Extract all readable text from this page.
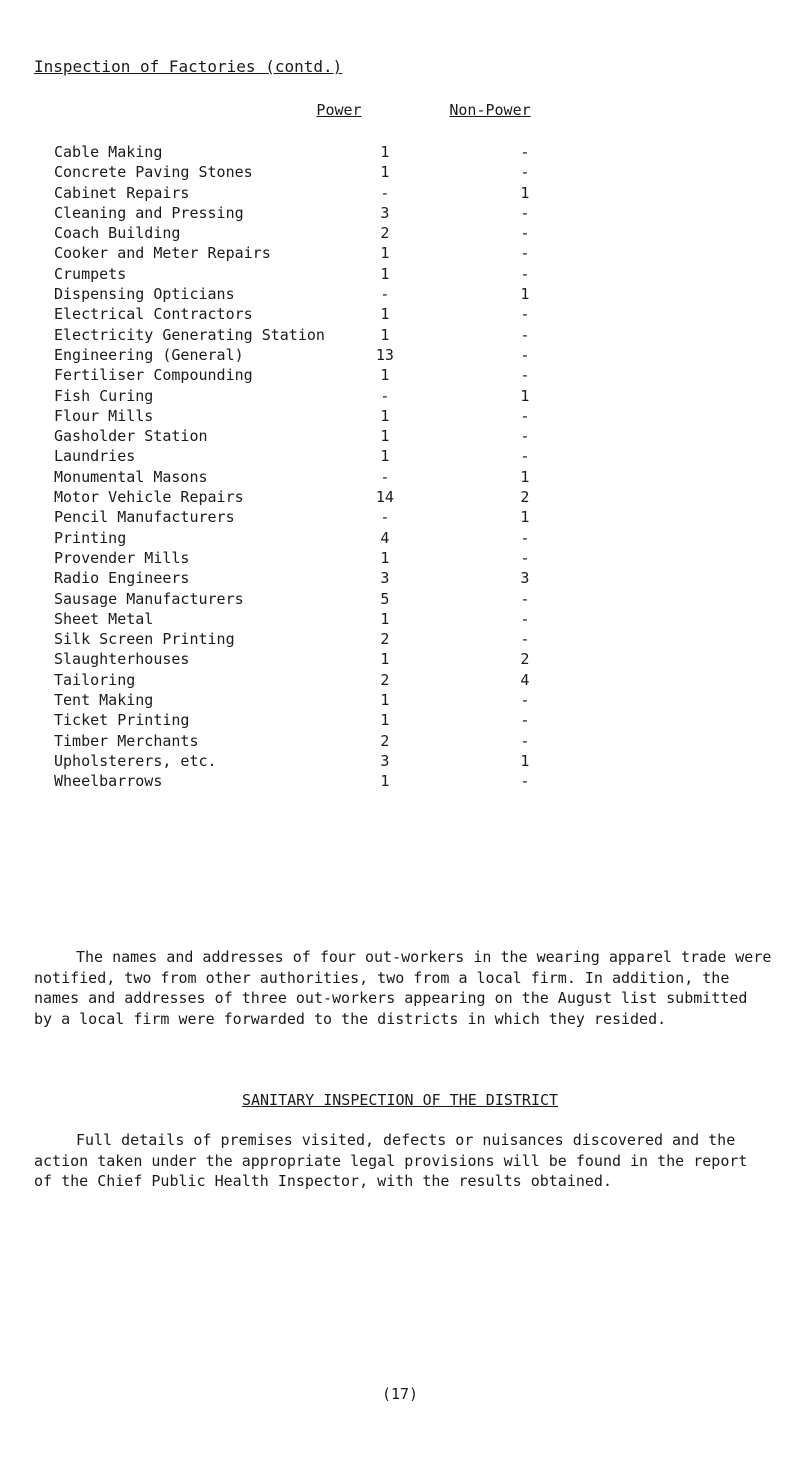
Inspection of Factories (contd.)
Power	Non-Power
Cable Making	1	-
Concrete Paving Stones	1	-
Cabinet Repairs	-	1
Cleaning and Pressing	3	-
Coach Building	2	-
Cooker and Meter Repairs	1	-
Crumpets	1	-
Dispensing Opticians	-	1
Electrical Contractors	1	-
Electricity Generating Station	1	-
Engineering (General)	13	-
Fertiliser Compounding	1	-
Fish Curing	-	1
Flour Mills	1	-
Gasholder Station	1	-
Laundries	1	-
Monumental Masons	-	1
Motor Vehicle Repairs	14	2
Pencil Manufacturers	-	1
Printing	4	-
Provender Mills	1	-
Radio Engineers	3	3
Sausage Manufacturers	5	-
Sheet Metal	1	-
Silk Screen Printing	2	-
Slaughterhouses	1	2
Tailoring	2	4
Tent Making	1	-
Ticket Printing	1	-
Timber Merchants	2	-
Upholsterers, etc.	3	1
Wheelbarrows	1	-

The names and addresses of four out-workers in the wearing apparel trade were notified, two from other authorities, two from a local firm. In addition, the names and addresses of three out-workers appearing on the August list submitted by a local firm were forwarded to the districts in which they resided.

SANITARY INSPECTION OF THE DISTRICT

Full details of premises visited, defects or nuisances discovered and the action taken under the appropriate legal provisions will be found in the report of the Chief Public Health Inspector, with the results obtained.

(17)
